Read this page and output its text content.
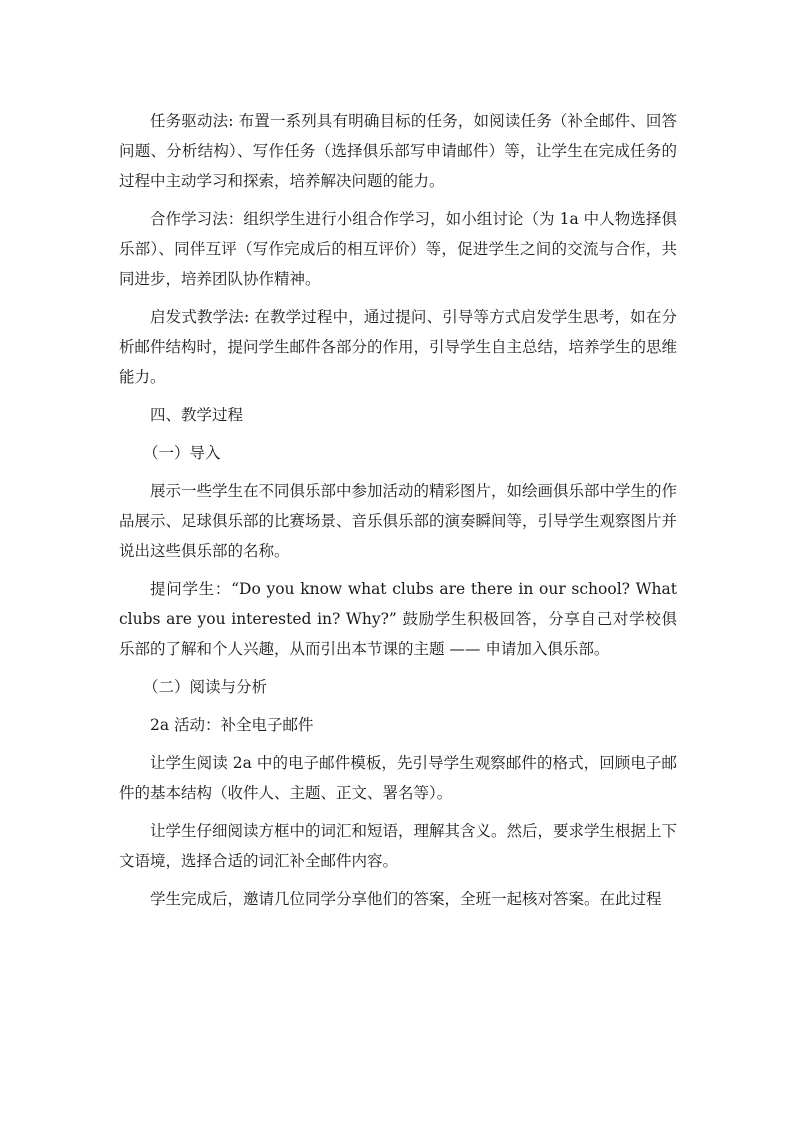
任务驱动法: 布置一系列具有明确目标的任务，如阅读任务（补全邮件、回答问题、分析结构）、写作任务（选择俱乐部写申请邮件）等，让学生在完成任务的过程中主动学习和探索，培养解决问题的能力。

合作学习法：组织学生进行小组合作学习，如小组讨论（为 1a 中人物选择俱乐部）、同伴互评（写作完成后的相互评价）等，促进学生之间的交流与合作，共同进步，培养团队协作精神。

启发式教学法: 在教学过程中，通过提问、引导等方式启发学生思考，如在分析邮件结构时，提问学生邮件各部分的作用，引导学生自主总结，培养学生的思维能力。

四、教学过程

（一）导入

展示一些学生在不同俱乐部中参加活动的精彩图片，如绘画俱乐部中学生的作品展示、足球俱乐部的比赛场景、音乐俱乐部的演奏瞬间等，引导学生观察图片并说出这些俱乐部的名称。

提问学生：“Do you know what clubs are there in our school? What clubs are you interested in? Why?” 鼓励学生积极回答，分享自己对学校俱乐部的了解和个人兴趣，从而引出本节课的主题 —— 申请加入俱乐部。

（二）阅读与分析

2a 活动：补全电子邮件

让学生阅读 2a 中的电子邮件模板，先引导学生观察邮件的格式，回顾电子邮件的基本结构（收件人、主题、正文、署名等）。

让学生仔细阅读方框中的词汇和短语，理解其含义。然后，要求学生根据上下文语境，选择合适的词汇补全邮件内容。

学生完成后，邀请几位同学分享他们的答案，全班一起核对答案。在此过程
